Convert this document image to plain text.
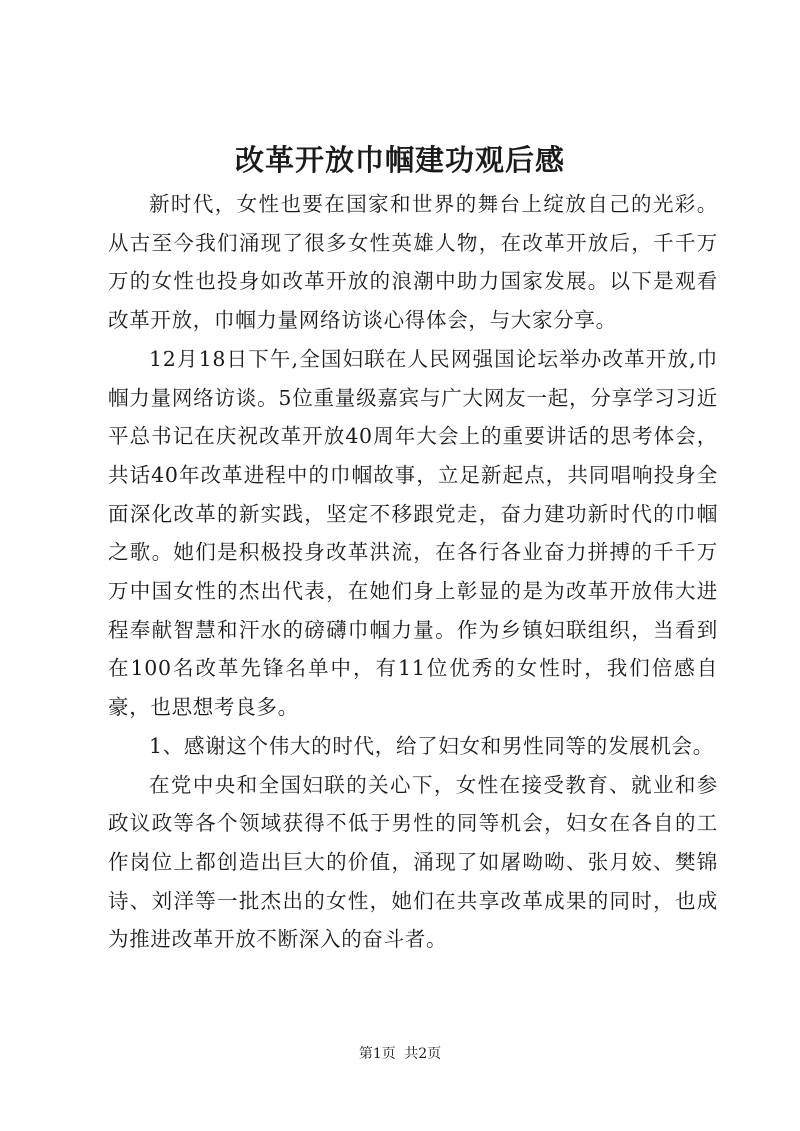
改革开放巾帼建功观后感

新时代，女性也要在国家和世界的舞台上绽放自己的光彩。从古至今我们涌现了很多女性英雄人物，在改革开放后，千千万万的女性也投身如改革开放的浪潮中助力国家发展。以下是观看改革开放，巾帼力量网络访谈心得体会，与大家分享。

12月18日下午,全国妇联在人民网强国论坛举办改革开放,巾帼力量网络访谈。5位重量级嘉宾与广大网友一起，分享学习习近平总书记在庆祝改革开放40周年大会上的重要讲话的思考体会，共话40年改革进程中的巾帼故事，立足新起点，共同唱响投身全面深化改革的新实践，坚定不移跟党走，奋力建功新时代的巾帼之歌。她们是积极投身改革洪流，在各行各业奋力拼搏的千千万万中国女性的杰出代表，在她们身上彰显的是为改革开放伟大进程奉献智慧和汗水的磅礴巾帼力量。作为乡镇妇联组织，当看到在100名改革先锋名单中，有11位优秀的女性时，我们倍感自豪，也思想考良多。

1、感谢这个伟大的时代，给了妇女和男性同等的发展机会。

在党中央和全国妇联的关心下，女性在接受教育、就业和参政议政等各个领域获得不低于男性的同等机会，妇女在各自的工作岗位上都创造出巨大的价值，涌现了如屠呦呦、张月姣、樊锦诗、刘洋等一批杰出的女性，她们在共享改革成果的同时，也成为推进改革开放不断深入的奋斗者。

第1页 共2页
